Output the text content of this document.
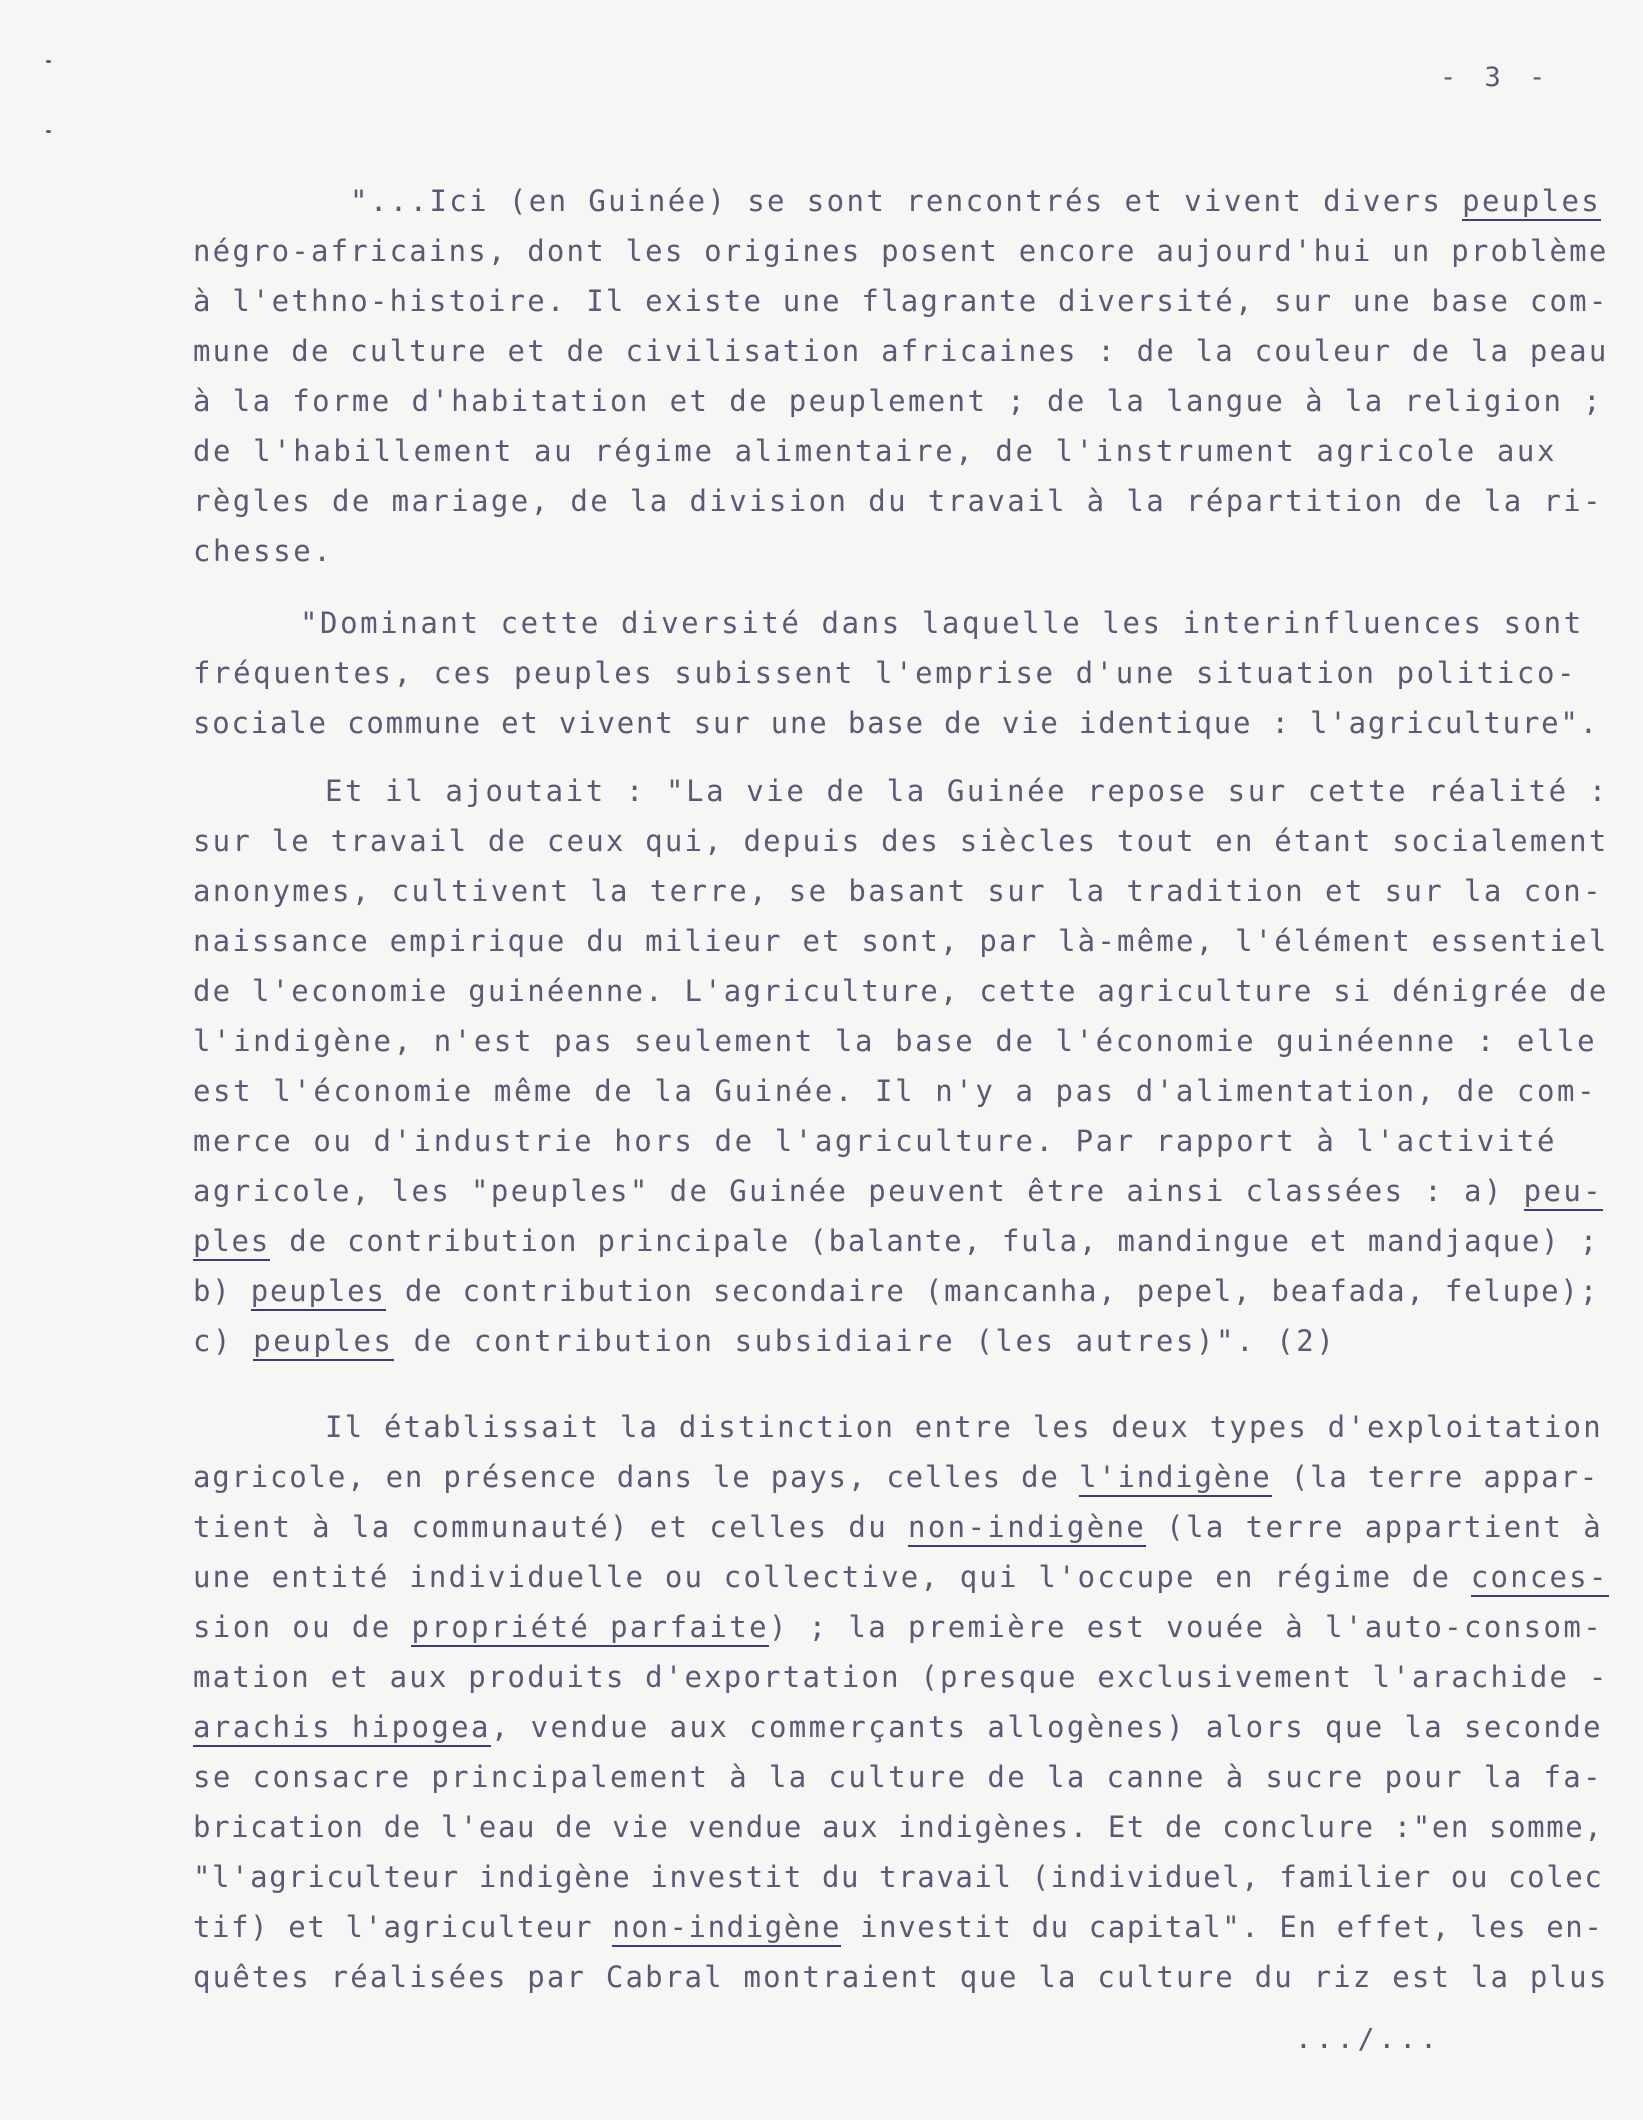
- 3 -
"...Ici (en Guinée) se sont rencontrés et vivent divers peuples
négro-africains, dont les origines posent encore aujourd'hui un problème
à l'ethno-histoire. Il existe une flagrante diversité, sur une base com-
mune de culture et de civilisation africaines : de la couleur de la peau
à la forme d'habitation et de peuplement ; de la langue à la religion ;
de l'habillement au régime alimentaire, de l'instrument agricole aux
règles de mariage, de la division du travail à la répartition de la ri-
chesse.
"Dominant cette diversité dans laquelle les interinfluences sont
fréquentes, ces peuples subissent l'emprise d'une situation politico-
sociale commune et vivent sur une base de vie identique : l'agriculture".
Et il ajoutait : "La vie de la Guinée repose sur cette réalité :
sur le travail de ceux qui, depuis des siècles tout en étant socialement
anonymes, cultivent la terre, se basant sur la tradition et sur la con-
naissance empirique du milieur et sont, par là-même, l'élément essentiel
de l'economie guinéenne. L'agriculture, cette agriculture si dénigrée de
l'indigène, n'est pas seulement la base de l'économie guinéenne : elle
est l'économie même de la Guinée. Il n'y a pas d'alimentation, de com-
merce ou d'industrie hors de l'agriculture. Par rapport à l'activité
agricole, les "peuples" de Guinée peuvent être ainsi classées : a) peu-
ples de contribution principale (balante, fula, mandingue et mandjaque) ;
b) peuples de contribution secondaire (mancanha, pepel, beafada, felupe);
c) peuples de contribution subsidiaire (les autres)". (2)
Il établissait la distinction entre les deux types d'exploitation
agricole, en présence dans le pays, celles de l'indigène (la terre appar-
tient à la communauté) et celles du non-indigène (la terre appartient à
une entité individuelle ou collective, qui l'occupe en régime de conces-
sion ou de propriété parfaite) ; la première est vouée à l'auto-consom-
mation et aux produits d'exportation (presque exclusivement l'arachide -
arachis hipogea, vendue aux commerçants allogènes) alors que la seconde
se consacre principalement à la culture de la canne à sucre pour la fa-
brication de l'eau de vie vendue aux indigènes. Et de conclure :"en somme,
"l'agriculteur indigène investit du travail (individuel, familier ou colec
tif) et l'agriculteur non-indigène investit du capital". En effet, les en-
quêtes réalisées par Cabral montraient que la culture du riz est la plus
.../...
